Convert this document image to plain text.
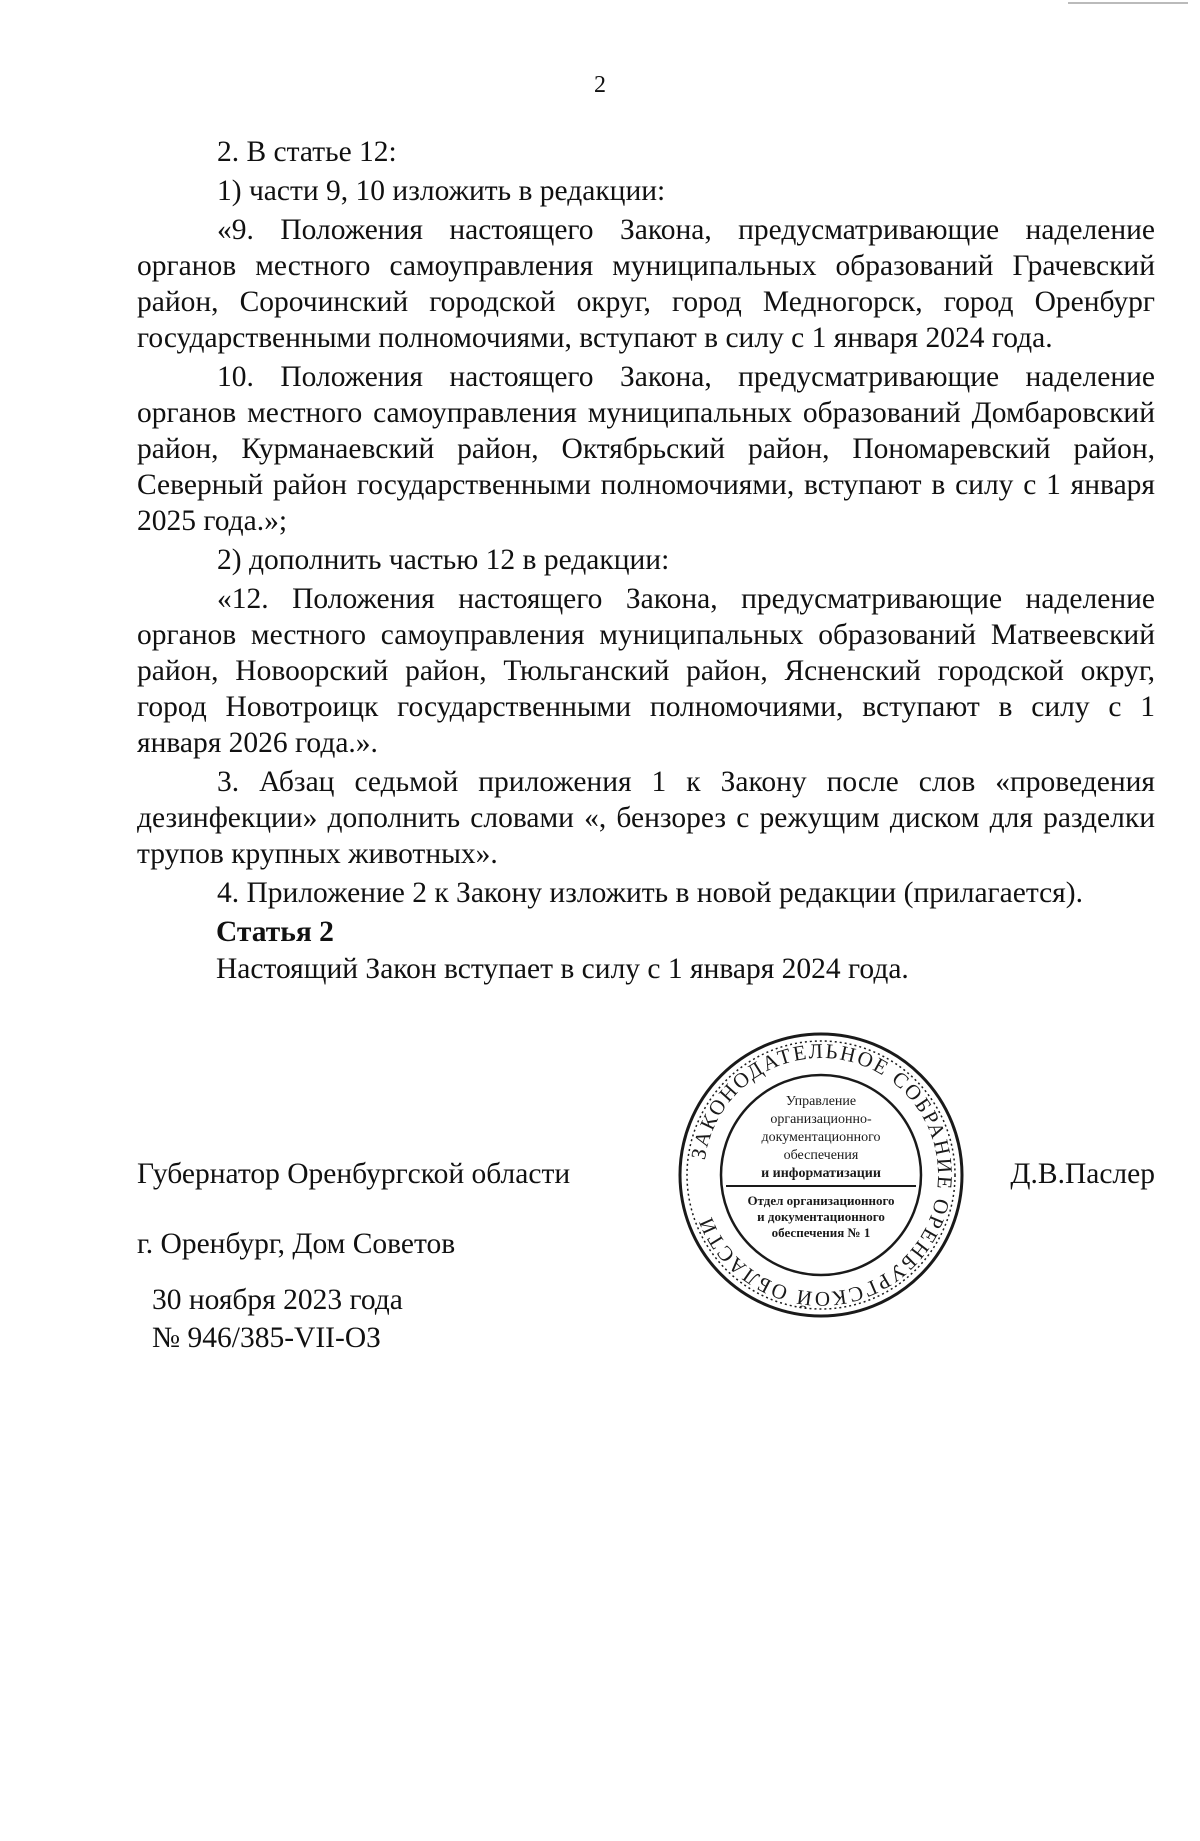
2

2. В статье 12:

1) части 9, 10 изложить в редакции:

«9. Положения настоящего Закона, предусматривающие наделение органов местного самоуправления муниципальных образований Грачевский район, Сорочинский городской округ, город Медногорск, город Оренбург государственными полномочиями, вступают в силу с 1 января 2024 года.

10. Положения настоящего Закона, предусматривающие наделение органов местного самоуправления муниципальных образований Домбаровский район, Курманаевский район, Октябрьский район, Пономаревский район, Северный район государственными полномочиями, вступают в силу с 1 января 2025 года.»;

2) дополнить частью 12 в редакции:

«12. Положения настоящего Закона, предусматривающие наделение органов местного самоуправления муниципальных образований Матвеевский район, Новоорский район, Тюльганский район, Ясненский городской округ, город Новотроицк государственными полномочиями, вступают в силу с 1 января 2026 года.».

3. Абзац седьмой приложения 1 к Закону после слов «проведения дезинфекции» дополнить словами «, бензорез с режущим диском для разделки трупов крупных животных».

4. Приложение 2 к Закону изложить в новой редакции (прилагается).

Статья 2
Настоящий Закон вступает в силу с 1 января 2024 года.
Губернатор Оренбургской области	Д.В.Паслер
ЗАКОНОДАТЕЛЬНОЕ СОБРАНИЕ ОРЕНБУРГСКОЙ ОБЛАСТИ
Управление
организационно-
документационного
обеспечения
и информатизации
Отдел организационного
и документационного
обеспечения № 1
г. Оренбург, Дом Советов
30 ноября 2023 года
№ 946/385-VII-ОЗ
